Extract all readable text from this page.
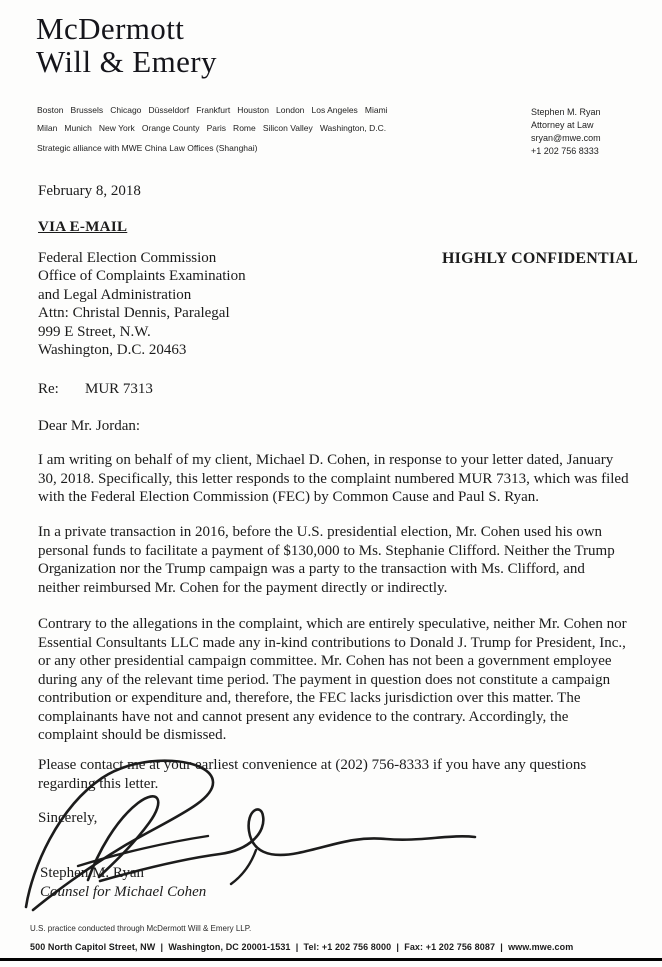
McDermott
Will & Emery
Boston   Brussels   Chicago   Düsseldorf   Frankfurt   Houston   London   Los Angeles   Miami
Milan   Munich   New York   Orange County   Paris   Rome   Silicon Valley   Washington, D.C.
Strategic alliance with MWE China Law Offices (Shanghai)
Stephen M. Ryan
Attorney at Law
sryan@mwe.com
+1 202 756 8333
February 8, 2018
VIA E-MAIL
Federal Election Commission
Office of Complaints Examination
and Legal Administration
Attn: Christal Dennis, Paralegal
999 E Street, N.W.
Washington, D.C. 20463
HIGHLY CONFIDENTIAL
Re: MUR 7313
Dear Mr. Jordan:

I am writing on behalf of my client, Michael D. Cohen, in response to your letter dated, January 30, 2018. Specifically, this letter responds to the complaint numbered MUR 7313, which was filed with the Federal Election Commission (FEC) by Common Cause and Paul S. Ryan.

In a private transaction in 2016, before the U.S. presidential election, Mr. Cohen used his own personal funds to facilitate a payment of $130,000 to Ms. Stephanie Clifford. Neither the Trump Organization nor the Trump campaign was a party to the transaction with Ms. Clifford, and neither reimbursed Mr. Cohen for the payment directly or indirectly.

Contrary to the allegations in the complaint, which are entirely speculative, neither Mr. Cohen nor Essential Consultants LLC made any in-kind contributions to Donald J. Trump for President, Inc., or any other presidential campaign committee. Mr. Cohen has not been a government employee during any of the relevant time period. The payment in question does not constitute a campaign contribution or expenditure and, therefore, the FEC lacks jurisdiction over this matter. The complainants have not and cannot present any evidence to the contrary. Accordingly, the complaint should be dismissed.

Please contact me at your earliest convenience at (202) 756-8333 if you have any questions regarding this letter.

Sincerely,
Stephen M. Ryan
Counsel for Michael Cohen
U.S. practice conducted through McDermott Will & Emery LLP.
500 North Capitol Street, NW  |  Washington, DC 20001-1531  |  Tel: +1 202 756 8000  |  Fax: +1 202 756 8087  |  www.mwe.com
